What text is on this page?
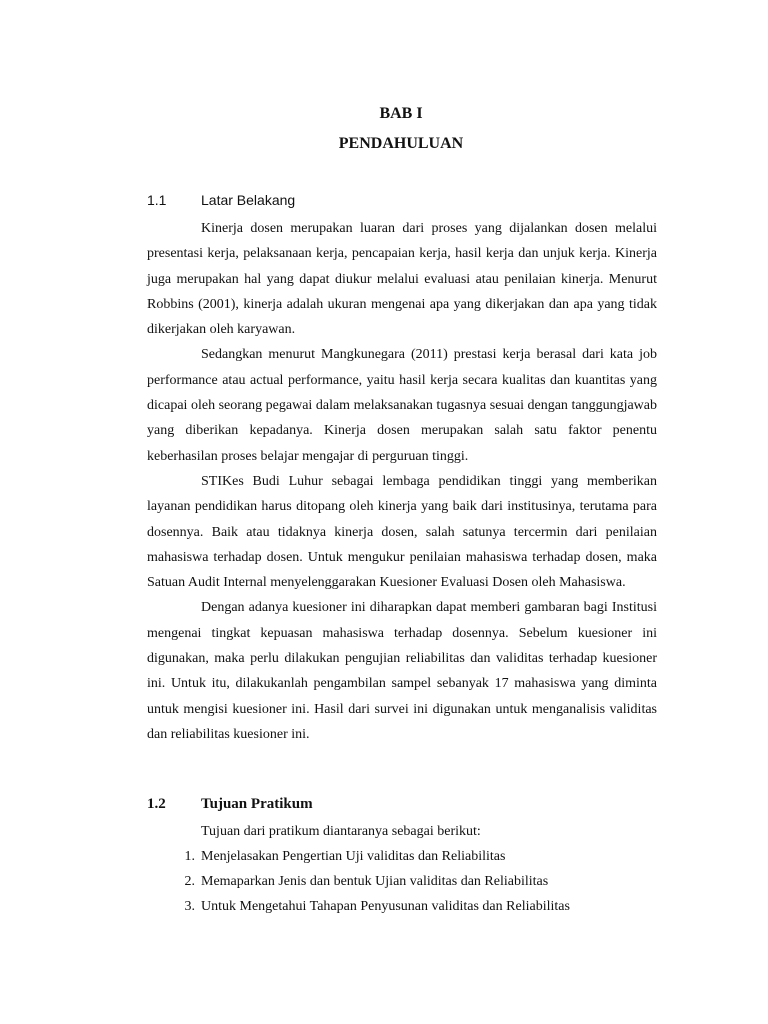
BAB I
PENDAHULUAN
1.1 Latar Belakang

Kinerja dosen merupakan luaran dari proses yang dijalankan dosen melalui presentasi kerja, pelaksanaan kerja, pencapaian kerja, hasil kerja dan unjuk kerja. Kinerja juga merupakan hal yang dapat diukur melalui evaluasi atau penilaian kinerja. Menurut Robbins (2001), kinerja adalah ukuran mengenai apa yang dikerjakan dan apa yang tidak dikerjakan oleh karyawan.

Sedangkan menurut Mangkunegara (2011) prestasi kerja berasal dari kata job performance atau actual performance, yaitu hasil kerja secara kualitas dan kuantitas yang dicapai oleh seorang pegawai dalam melaksanakan tugasnya sesuai dengan tanggungjawab yang diberikan kepadanya. Kinerja dosen merupakan salah satu faktor penentu keberhasilan proses belajar mengajar di perguruan tinggi.

STIKes Budi Luhur sebagai lembaga pendidikan tinggi yang memberikan layanan pendidikan harus ditopang oleh kinerja yang baik dari institusinya, terutama para dosennya. Baik atau tidaknya kinerja dosen, salah satunya tercermin dari penilaian mahasiswa terhadap dosen. Untuk mengukur penilaian mahasiswa terhadap dosen, maka Satuan Audit Internal menyelenggarakan Kuesioner Evaluasi Dosen oleh Mahasiswa.

Dengan adanya kuesioner ini diharapkan dapat memberi gambaran bagi Institusi mengenai tingkat kepuasan mahasiswa terhadap dosennya. Sebelum kuesioner ini digunakan, maka perlu dilakukan pengujian reliabilitas dan validitas terhadap kuesioner ini. Untuk itu, dilakukanlah pengambilan sampel sebanyak 17 mahasiswa yang diminta untuk mengisi kuesioner ini. Hasil dari survei ini digunakan untuk menganalisis validitas dan reliabilitas kuesioner ini.

1.2 Tujuan Pratikum
Tujuan dari pratikum diantaranya sebagai berikut:
1. Menjelasakan Pengertian Uji validitas dan Reliabilitas
2. Memaparkan Jenis dan bentuk Ujian validitas dan Reliabilitas
3. Untuk Mengetahui Tahapan Penyusunan validitas dan Reliabilitas
